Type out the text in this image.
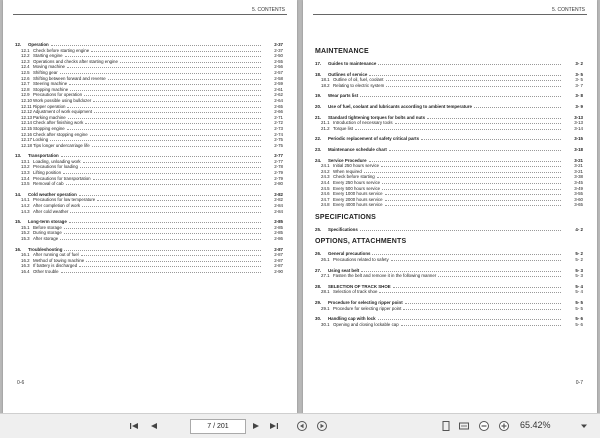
5. CONTENTS
12.	Operation	2-37
12.1 Check before starting engine	2-37
12.2 Starting engine	2-50
12.3 Operations and checks after starting engine	2-55
12.4 Moving machine	2-56
12.5 Shifting gear	2-57
12.6 Shifting between forward and reverse	2-58
12.7 Steering machine	2-59
12.8 Stopping machine	2-61
12.9 Precautions for operation	2-62
12.10 Work possible using bulldozer	2-64
12.11 Ripper operation	2-65
12.12 Adjustment of work equipment	2-66
12.13 Parking machine	2-71
12.14 Check after finishing work	2-72
12.15 Stopping engine	2-73
12.16 Check after stopping engine	2-74
12.17 Locking	2-75
12.18 Tips longer undercarriage life	2-75
13.	Transportation	2-77
13.1 Loading, unloading work	2-77
13.2 Precautions for loading	2-78
13.3 Lifting position	2-79
13.4 Precautions for transportation	2-79
13.5 Removal of cab	2-80
14.	Cold weather operation	2-82
14.1 Precautions for low temperature	2-82
14.2 After completion of work	2-84
14.3 After cold weather	2-84
15.	Long-term storage	2-85
15.1 Before storage	2-85
15.2 During storage	2-85
15.3 After storage	2-86
16.	Troubleshooting	2-87
16.1 After running out of fuel	2-87
16.2 Method of towing machine	2-87
16.3 If battery is discharged	2-87
16.4 Other trouble	2-90
0-6
5. CONTENTS
MAINTENANCE
17.	Guides to maintenance	3- 2
18.	Outlines of service	3- 5
18.1 Outline of oil, fuel, coolant	3- 5
18.2 Relating to electric system	3- 7
19.	Wear parts list	3- 8
20.	Use of fuel, coolant and lubricants according to ambient temperature	3- 9
21.	Standard tightening torques for bolts and nuts	3-13
21.1 Introduction of necessary tools	3-13
21.2 Torque list	3-14
22.	Periodic replacement of safety critical parts	3-15
23.	Maintenance schedule chart	3-18
24.	Service Procedure	3-21
24.1 Initial 250 hours service	3-21
24.2 When required	3-21
24.3 Check before starting	3-38
24.4 Every 250 hours service	3-45
24.5 Every 500 hours service	3-49
24.6 Every 1000 hours service	3-55
24.7 Every 2000 hours service	3-60
24.8 Every 4000 hours service	3-65
SPECIFICATIONS
25.	Specifications	4- 2
OPTIONS, ATTACHMENTS
26.	General precautions	5- 2
26.1 Precautions related to safety	5- 2
27.	Using seat belt	5- 3
27.1 Fasten the belt and remove it in the following manner	5- 3
28.	SELECTION OF TRACK SHOE	5- 4
28.1 Selection of track shoe	5- 4
29.	Procedure for selecting ripper point	5- 5
29.1 Procedure for selecting ripper point	5- 5
30.	Handling cap with lock	5- 6
30.1 Opening and closing lockable cap	5- 6
0-7
7 / 201	65.42%
